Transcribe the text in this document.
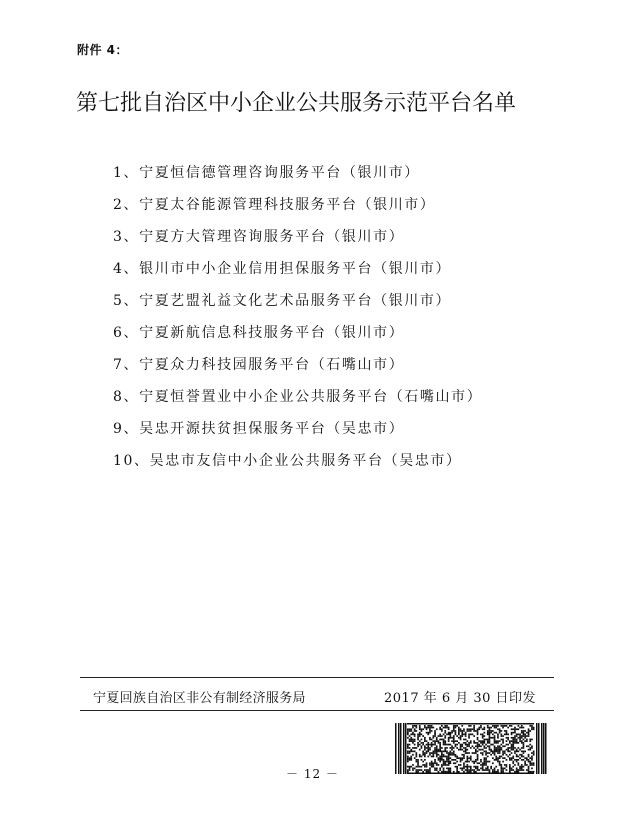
附件 4：
第七批自治区中小企业公共服务示范平台名单
1、宁夏恒信德管理咨询服务平台（银川市）
2、宁夏太谷能源管理科技服务平台（银川市）
3、宁夏方大管理咨询服务平台（银川市）
4、银川市中小企业信用担保服务平台（银川市）
5、宁夏艺盟礼益文化艺术品服务平台（银川市）
6、宁夏新航信息科技服务平台（银川市）
7、宁夏众力科技园服务平台（石嘴山市）
8、宁夏恒誉置业中小企业公共服务平台（石嘴山市）
9、吴忠开源扶贫担保服务平台（吴忠市）
10、吴忠市友信中小企业公共服务平台（吴忠市）
宁夏回族自治区非公有制经济服务局	2017 年 6 月 30 日印发
－ 12 －
